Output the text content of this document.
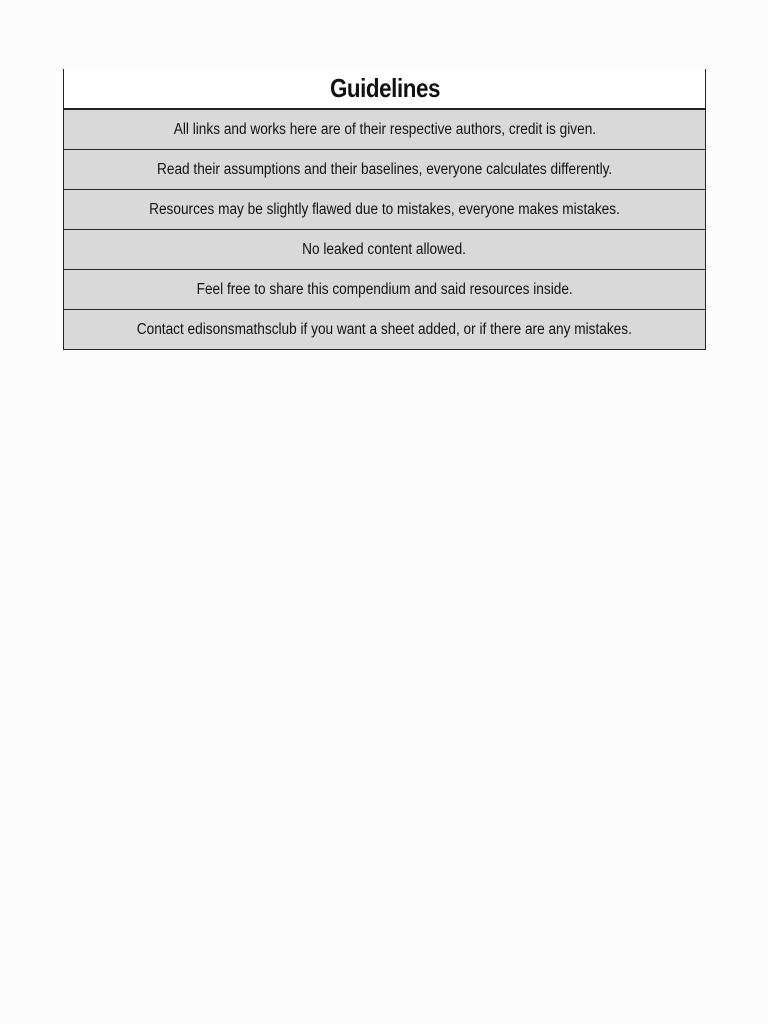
Guidelines
All links and works here are of their respective authors, credit is given.
Read their assumptions and their baselines, everyone calculates differently.
Resources may be slightly flawed due to mistakes, everyone makes mistakes.
No leaked content allowed.
Feel free to share this compendium and said resources inside.
Contact edisonsmathsclub if you want a sheet added, or if there are any mistakes.
